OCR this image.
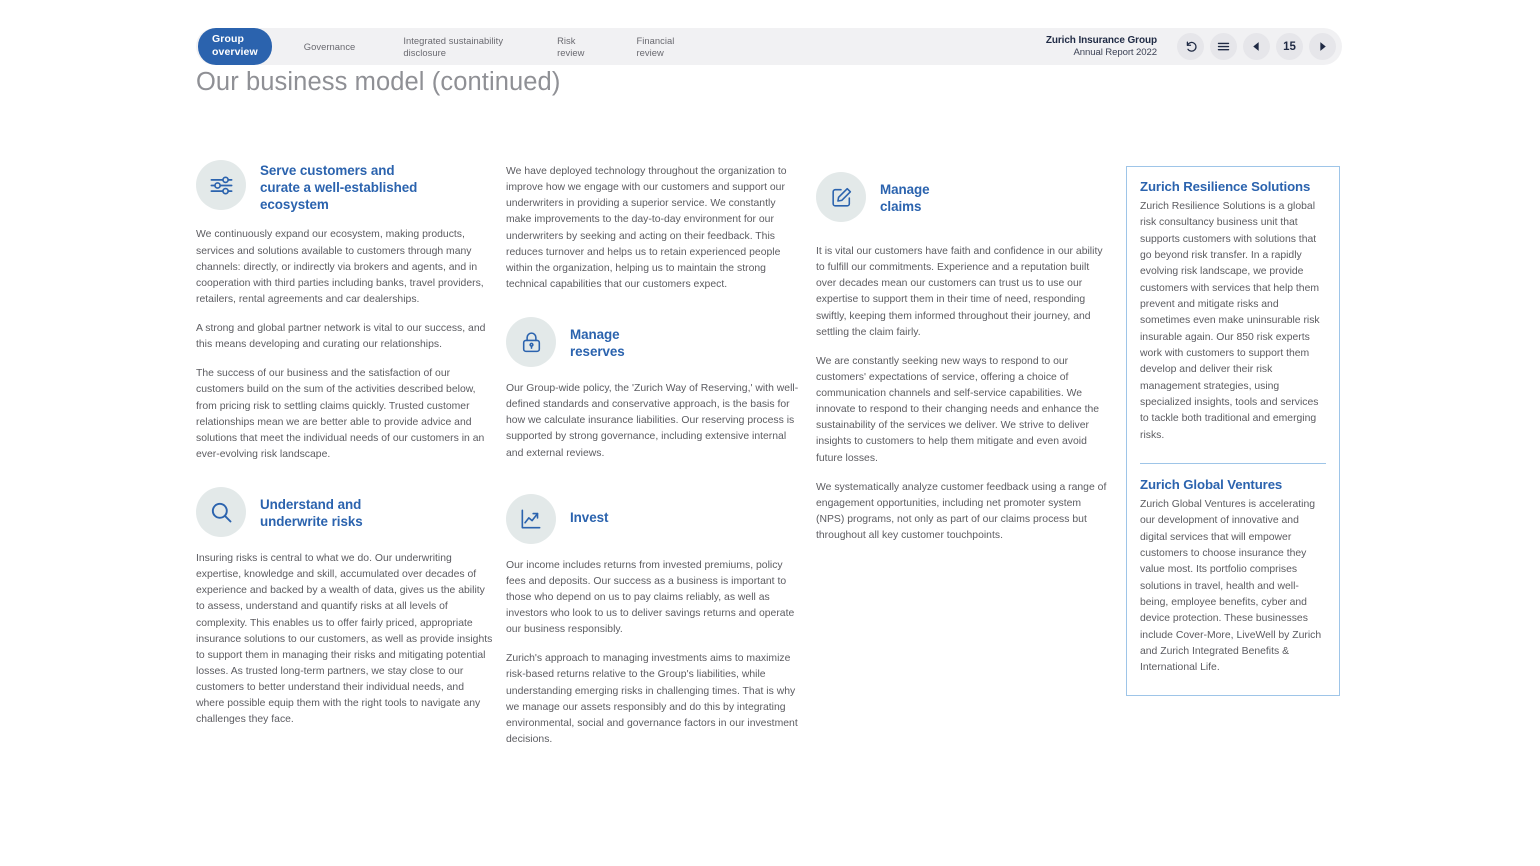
Group
overview	Governance
Integrated sustainability
disclosure
Risk
review
Financial
review
Zurich Insurance Group
Annual Report 2022	15
Our business model (continued)
Serve customers and
curate a well-established
ecosystem

We continuously expand our ecosystem, making products, services and solutions available to customers through many channels: directly, or indirectly via brokers and agents, and in cooperation with third parties including banks, travel providers, retailers, rental agreements and car dealerships.

A strong and global partner network is vital to our success, and this means developing and curating our relationships.

The success of our business and the satisfaction of our customers build on the sum of the activities described below, from pricing risk to settling claims quickly. Trusted customer relationships mean we are better able to provide advice and solutions that meet the individual needs of our customers in an ever-evolving risk landscape.

Understand and
underwrite risks

Insuring risks is central to what we do. Our underwriting expertise, knowledge and skill, accumulated over decades of experience and backed by a wealth of data, gives us the ability to assess, understand and quantify risks at all levels of complexity. This enables us to offer fairly priced, appropriate insurance solutions to our customers, as well as provide insights to support them in managing their risks and mitigating potential losses. As trusted long-term partners, we stay close to our customers to better understand their individual needs, and where possible equip them with the right tools to navigate any challenges they face.

We have deployed technology throughout the organization to improve how we engage with our customers and support our underwriters in providing a superior service. We constantly make improvements to the day-to-day environment for our underwriters by seeking and acting on their feedback. This reduces turnover and helps us to retain experienced people within the organization, helping us to maintain the strong technical capabilities that our customers expect.

Manage
reserves

Our Group-wide policy, the 'Zurich Way of Reserving,' with well-defined standards and conservative approach, is the basis for how we calculate insurance liabilities. Our reserving process is supported by strong governance, including extensive internal and external reviews.

Invest

Our income includes returns from invested premiums, policy fees and deposits. Our success as a business is important to those who depend on us to pay claims reliably, as well as investors who look to us to deliver savings returns and operate our business responsibly.

Zurich's approach to managing investments aims to maximize risk-based returns relative to the Group's liabilities, while understanding emerging risks in challenging times. That is why we manage our assets responsibly and do this by integrating environmental, social and governance factors in our investment decisions.

Manage
claims

It is vital our customers have faith and confidence in our ability to fulfill our commitments. Experience and a reputation built over decades mean our customers can trust us to use our expertise to support them in their time of need, responding swiftly, keeping them informed throughout their journey, and settling the claim fairly.

We are constantly seeking new ways to respond to our customers' expectations of service, offering a choice of communication channels and self-service capabilities. We innovate to respond to their changing needs and enhance the sustainability of the services we deliver. We strive to deliver insights to customers to help them mitigate and even avoid future losses.

We systematically analyze customer feedback using a range of engagement opportunities, including net promoter system (NPS) programs, not only as part of our claims process but throughout all key customer touchpoints.

Zurich Resilience Solutions

Zurich Resilience Solutions is a global risk consultancy business unit that supports customers with solutions that go beyond risk transfer. In a rapidly evolving risk landscape, we provide customers with services that help them prevent and mitigate risks and sometimes even make uninsurable risk insurable again. Our 850 risk experts work with customers to support them develop and deliver their risk management strategies, using specialized insights, tools and services to tackle both traditional and emerging risks.

Zurich Global Ventures

Zurich Global Ventures is accelerating our development of innovative and digital services that will empower customers to choose insurance they value most. Its portfolio comprises solutions in travel, health and well-being, employee benefits, cyber and device protection. These businesses include Cover-More, LiveWell by Zurich and Zurich Integrated Benefits & International Life.
